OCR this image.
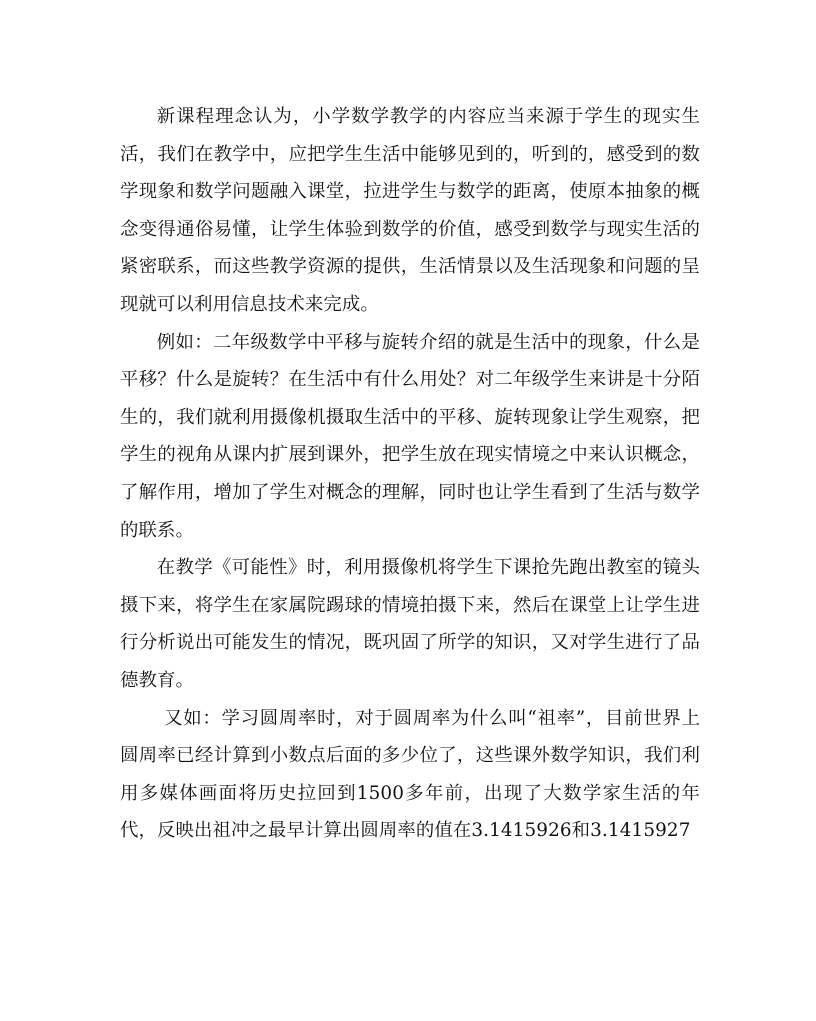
新课程理念认为，小学数学教学的内容应当来源于学生的现实生活，我们在教学中，应把学生生活中能够见到的，听到的，感受到的数学现象和数学问题融入课堂，拉进学生与数学的距离，使原本抽象的概念变得通俗易懂，让学生体验到数学的价值，感受到数学与现实生活的紧密联系，而这些教学资源的提供，生活情景以及生活现象和问题的呈现就可以利用信息技术来完成。

例如：二年级数学中平移与旋转介绍的就是生活中的现象，什么是平移？什么是旋转？在生活中有什么用处？对二年级学生来讲是十分陌生的，我们就利用摄像机摄取生活中的平移、旋转现象让学生观察，把学生的视角从课内扩展到课外，把学生放在现实情境之中来认识概念，了解作用，增加了学生对概念的理解，同时也让学生看到了生活与数学的联系。

在教学《可能性》时，利用摄像机将学生下课抢先跑出教室的镜头摄下来，将学生在家属院踢球的情境拍摄下来，然后在课堂上让学生进行分析说出可能发生的情况，既巩固了所学的知识，又对学生进行了品德教育。

又如：学习圆周率时，对于圆周率为什么叫“祖率”，目前世界上圆周率已经计算到小数点后面的多少位了，这些课外数学知识，我们利用多媒体画面将历史拉回到1500多年前，出现了大数学家生活的年代，反映出祖冲之最早计算出圆周率的值在3.1415926和3.1415927
